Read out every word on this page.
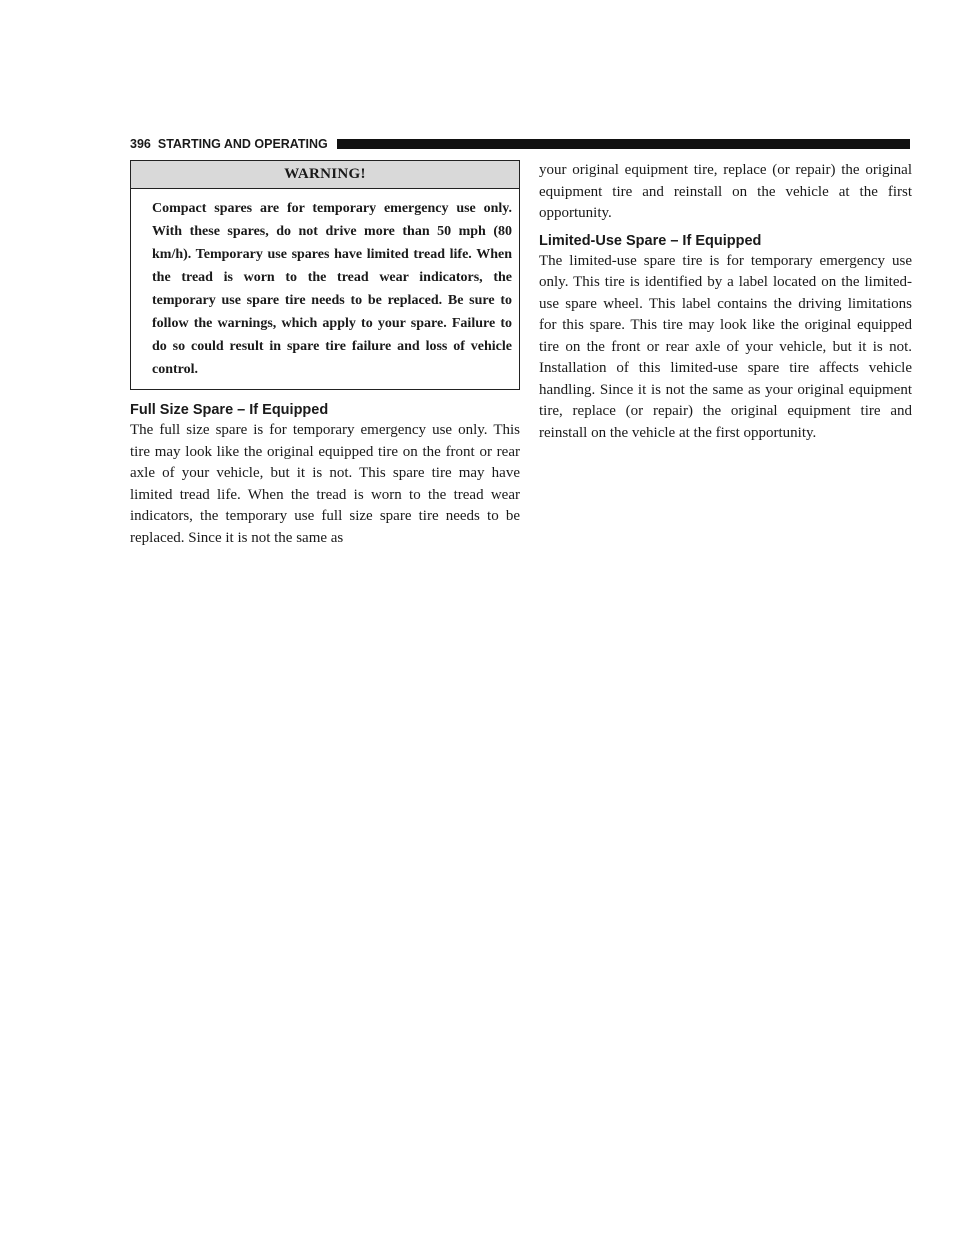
396 STARTING AND OPERATING
WARNING!

Compact spares are for temporary emergency use only. With these spares, do not drive more than 50 mph (80 km/h). Temporary use spares have limited tread life. When the tread is worn to the tread wear indicators, the temporary use spare tire needs to be replaced. Be sure to follow the warnings, which apply to your spare. Failure to do so could result in spare tire failure and loss of vehicle control.

Full Size Spare – If Equipped

The full size spare is for temporary emergency use only. This tire may look like the original equipped tire on the front or rear axle of your vehicle, but it is not. This spare tire may have limited tread life. When the tread is worn to the tread wear indicators, the temporary use full size spare tire needs to be replaced. Since it is not the same as

your original equipment tire, replace (or repair) the original equipment tire and reinstall on the vehicle at the first opportunity.

Limited-Use Spare – If Equipped

The limited-use spare tire is for temporary emergency use only. This tire is identified by a label located on the limited-use spare wheel. This label contains the driving limitations for this spare. This tire may look like the original equipped tire on the front or rear axle of your vehicle, but it is not. Installation of this limited-use spare tire affects vehicle handling. Since it is not the same as your original equipment tire, replace (or repair) the original equipment tire and reinstall on the vehicle at the first opportunity.
